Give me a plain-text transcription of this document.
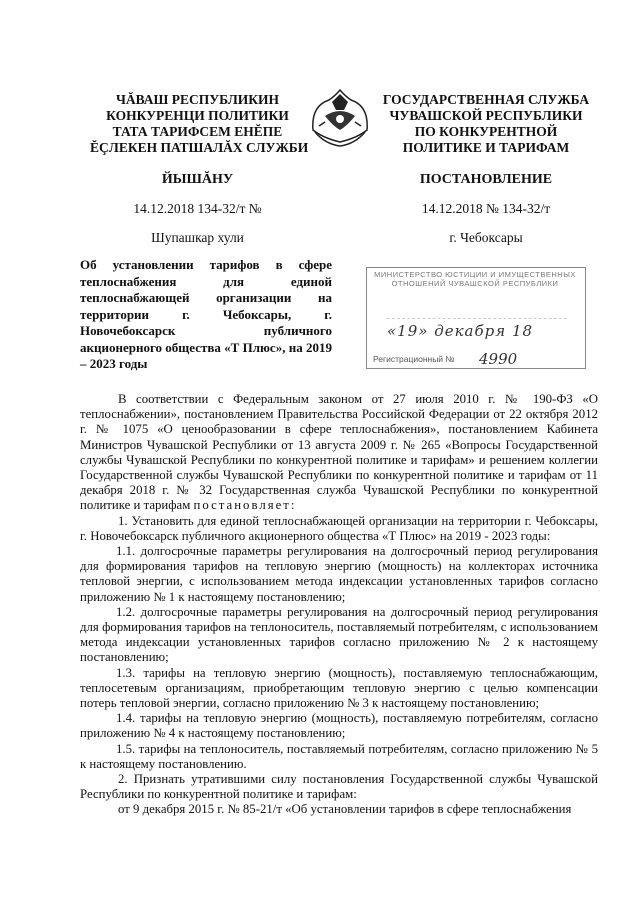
ЧĂВАШ РЕСПУБЛИКИН
КОНКУРЕНЦИ ПОЛИТИКИ
ТАТА ТАРИФСЕМ ЕНĔПЕ
ĔÇЛЕКЕН ПАТШАЛĂХ СЛУЖБИ
ГОСУДАРСТВЕННАЯ СЛУЖБА
ЧУВАШСКОЙ РЕСПУБЛИКИ
ПО КОНКУРЕНТНОЙ
ПОЛИТИКЕ И ТАРИФАМ
ЙЫШĂНУ	ПОСТАНОВЛЕНИЕ
14.12.2018 134-32/т №	14.12.2018 № 134-32/т
Шупашкар хули	г. Чебоксары
Об установлении тарифов в сфере теплоснабжения для единой теплоснабжающей организации на территории г. Чебоксары, г. Новочебоксарск публичного акционерного общества «Т Плюс», на 2019 – 2023 годы
МИНИСТЕРСТВО ЮСТИЦИИ И ИМУЩЕСТВЕННЫХ ОТНОШЕНИЙ ЧУВАШСКОЙ РЕСПУБЛИКИ
«19» декабря 18
Регистрационный № 4990

В соответствии с Федеральным законом от 27 июля 2010 г. № 190-ФЗ «О теплоснабжении», постановлением Правительства Российской Федерации от 22 октября 2012 г. № 1075 «О ценообразовании в сфере теплоснабжения», постановлением Кабинета Министров Чувашской Республики от 13 августа 2009 г. № 265 «Вопросы Государственной службы Чувашской Республики по конкурентной политике и тарифам» и решением коллегии Государственной службы Чувашской Республики по конкурентной политике и тарифам от 11 декабря 2018 г. № 32 Государственная служба Чувашской Республики по конкурентной политике и тарифам постановляет:

1. Установить для единой теплоснабжающей организации на территории г. Чебоксары, г. Новочебоксарск публичного акционерного общества «Т Плюс» на 2019 - 2023 годы:

1.1. долгосрочные параметры регулирования на долгосрочный период регулирования для формирования тарифов на тепловую энергию (мощность) на коллекторах источника тепловой энергии, с использованием метода индексации установленных тарифов согласно приложению № 1 к настоящему постановлению;

1.2. долгосрочные параметры регулирования на долгосрочный период регулирования для формирования тарифов на теплоноситель, поставляемый потребителям, с использованием метода индексации установленных тарифов согласно приложению № 2 к настоящему постановлению;

1.3. тарифы на тепловую энергию (мощность), поставляемую теплоснабжающим, теплосетевым организациям, приобретающим тепловую энергию с целью компенсации потерь тепловой энергии, согласно приложению № 3 к настоящему постановлению;

1.4. тарифы на тепловую энергию (мощность), поставляемую потребителям, согласно приложению № 4 к настоящему постановлению;

1.5. тарифы на теплоноситель, поставляемый потребителям, согласно приложению № 5 к настоящему постановлению.

2. Признать утратившими силу постановления Государственной службы Чувашской Республики по конкурентной политике и тарифам:

от 9 декабря 2015 г. № 85-21/т «Об установлении тарифов в сфере теплоснабжения
